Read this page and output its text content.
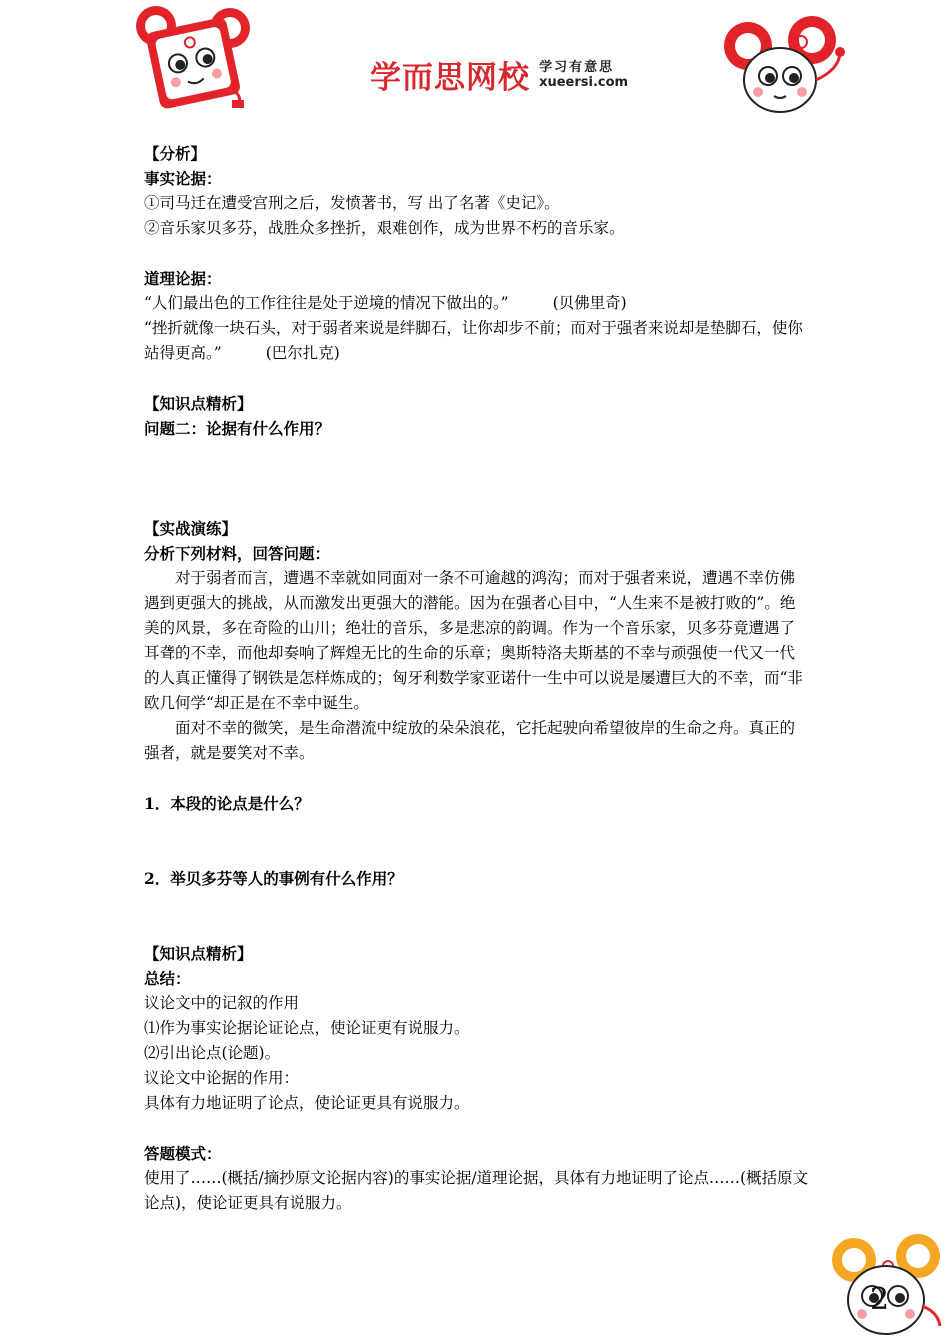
学而思网校 学习有意思
xueersi.com

【分析】

事实论据：

①司马迁在遭受宫刑之后，发愤著书，写 出了名著《史记》。

②音乐家贝多芬，战胜众多挫折，艰难创作，成为世界不朽的音乐家。

道理论据：

“人们最出色的工作往往是处于逆境的情况下做出的。”	(贝佛里奇)

“挫折就像一块石头，对于弱者来说是绊脚石，让你却步不前；而对于强者来说却是垫脚石，使你站得更高。”	(巴尔扎克)

【知识点精析】

问题二：论据有什么作用？

【实战演练】

分析下列材料，回答问题：

对于弱者而言，遭遇不幸就如同面对一条不可逾越的鸿沟；而对于强者来说，遭遇不幸仿佛遇到更强大的挑战，从而激发出更强大的潜能。因为在强者心目中，“人生来不是被打败的”。绝美的风景，多在奇险的山川；绝壮的音乐，多是悲凉的韵调。作为一个音乐家，贝多芬竟遭遇了耳聋的不幸，而他却奏响了辉煌无比的生命的乐章；奥斯特洛夫斯基的不幸与顽强使一代又一代的人真正懂得了钢铁是怎样炼成的；匈牙利数学家亚诺什一生中可以说是屡遭巨大的不幸，而“非欧几何学“却正是在不幸中诞生。

面对不幸的微笑，是生命潜流中绽放的朵朵浪花，它托起驶向希望彼岸的生命之舟。真正的强者，就是要笑对不幸。

1．本段的论点是什么？

2．举贝多芬等人的事例有什么作用？

【知识点精析】

总结：

议论文中的记叙的作用

⑴作为事实论据论证论点，使论证更有说服力。

⑵引出论点(论题)。

议论文中论据的作用：

具体有力地证明了论点，使论证更具有说服力。

答题模式：

使用了……(概括/摘抄原文论据内容)的事实论据/道理论据，具体有力地证明了论点……(概括原文论点)，使论证更具有说服力。

2
